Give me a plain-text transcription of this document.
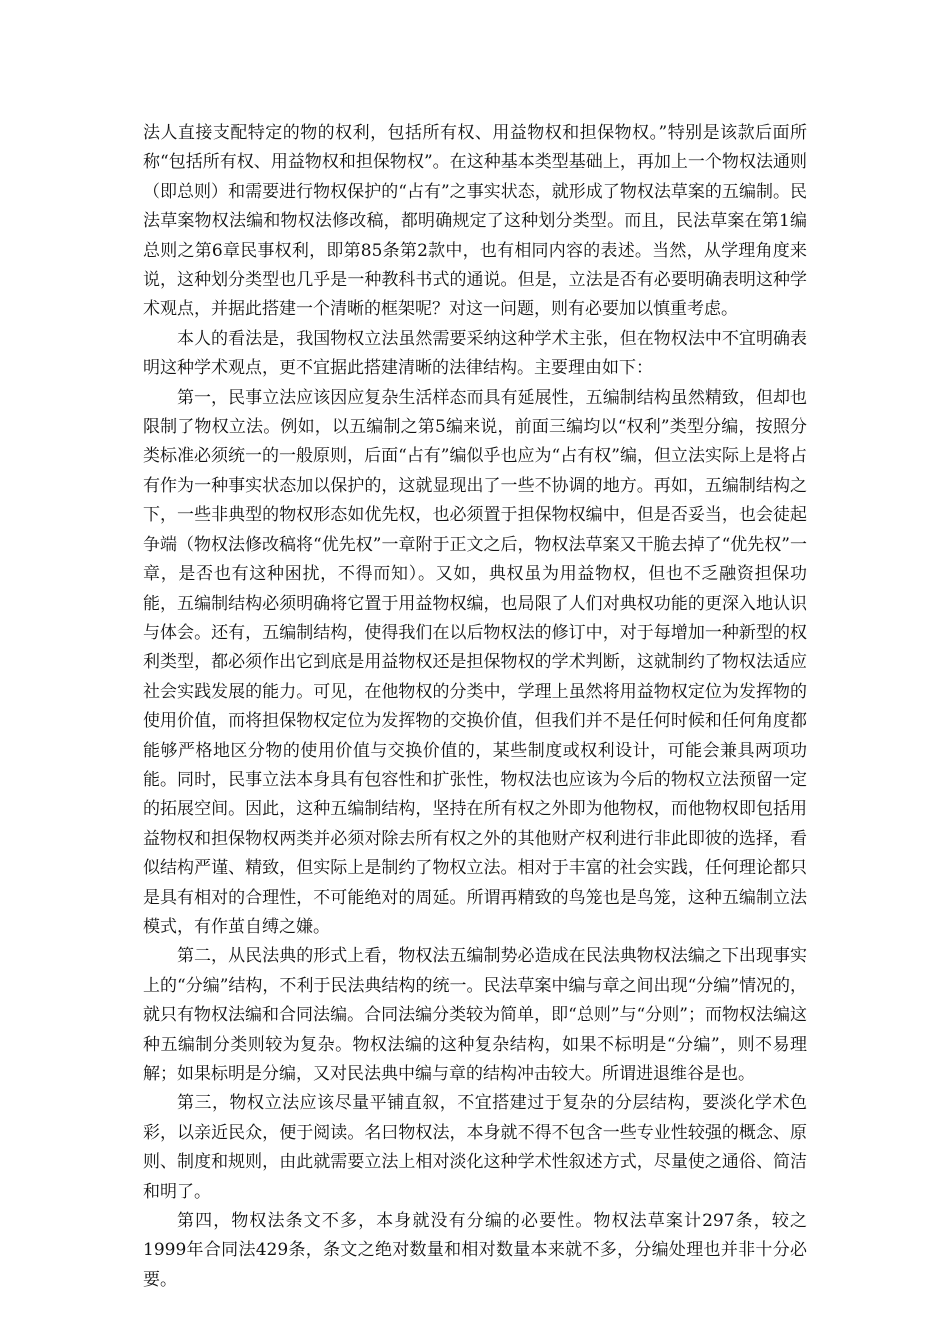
法人直接支配特定的物的权利，包括所有权、用益物权和担保物权。”特别是该款后面所称“包括所有权、用益物权和担保物权”。在这种基本类型基础上，再加上一个物权法通则（即总则）和需要进行物权保护的“占有”之事实状态，就形成了物权法草案的五编制。民法草案物权法编和物权法修改稿，都明确规定了这种划分类型。而且，民法草案在第1编总则之第6章民事权利，即第85条第2款中，也有相同内容的表述。当然，从学理角度来说，这种划分类型也几乎是一种教科书式的通说。但是，立法是否有必要明确表明这种学术观点，并据此搭建一个清晰的框架呢？对这一问题，则有必要加以慎重考虑。

本人的看法是，我国物权立法虽然需要采纳这种学术主张，但在物权法中不宜明确表明这种学术观点，更不宜据此搭建清晰的法律结构。主要理由如下：

第一，民事立法应该因应复杂生活样态而具有延展性，五编制结构虽然精致，但却也限制了物权立法。例如，以五编制之第5编来说，前面三编均以“权利”类型分编，按照分类标准必须统一的一般原则，后面“占有”编似乎也应为“占有权”编，但立法实际上是将占有作为一种事实状态加以保护的，这就显现出了一些不协调的地方。再如，五编制结构之下，一些非典型的物权形态如优先权，也必须置于担保物权编中，但是否妥当，也会徒起争端（物权法修改稿将“优先权”一章附于正文之后，物权法草案又干脆去掉了“优先权”一章，是否也有这种困扰，不得而知）。又如，典权虽为用益物权，但也不乏融资担保功能，五编制结构必须明确将它置于用益物权编，也局限了人们对典权功能的更深入地认识与体会。还有，五编制结构，使得我们在以后物权法的修订中，对于每增加一种新型的权利类型，都必须作出它到底是用益物权还是担保物权的学术判断，这就制约了物权法适应社会实践发展的能力。可见，在他物权的分类中，学理上虽然将用益物权定位为发挥物的使用价值，而将担保物权定位为发挥物的交换价值，但我们并不是任何时候和任何角度都能够严格地区分物的使用价值与交换价值的，某些制度或权利设计，可能会兼具两项功能。同时，民事立法本身具有包容性和扩张性，物权法也应该为今后的物权立法预留一定的拓展空间。因此，这种五编制结构，坚持在所有权之外即为他物权，而他物权即包括用益物权和担保物权两类并必须对除去所有权之外的其他财产权利进行非此即彼的选择，看似结构严谨、精致，但实际上是制约了物权立法。相对于丰富的社会实践，任何理论都只是具有相对的合理性，不可能绝对的周延。所谓再精致的鸟笼也是鸟笼，这种五编制立法模式，有作茧自缚之嫌。

第二，从民法典的形式上看，物权法五编制势必造成在民法典物权法编之下出现事实上的“分编”结构，不利于民法典结构的统一。民法草案中编与章之间出现“分编”情况的，就只有物权法编和合同法编。合同法编分类较为简单，即“总则”与“分则”；而物权法编这种五编制分类则较为复杂。物权法编的这种复杂结构，如果不标明是“分编”，则不易理解；如果标明是分编，又对民法典中编与章的结构冲击较大。所谓进退维谷是也。

第三，物权立法应该尽量平铺直叙，不宜搭建过于复杂的分层结构，要淡化学术色彩，以亲近民众，便于阅读。名曰物权法，本身就不得不包含一些专业性较强的概念、原则、制度和规则，由此就需要立法上相对淡化这种学术性叙述方式，尽量使之通俗、简洁和明了。

第四，物权法条文不多，本身就没有分编的必要性。物权法草案计297条，较之1999年合同法429条，条文之绝对数量和相对数量本来就不多，分编处理也并非十分必要。
